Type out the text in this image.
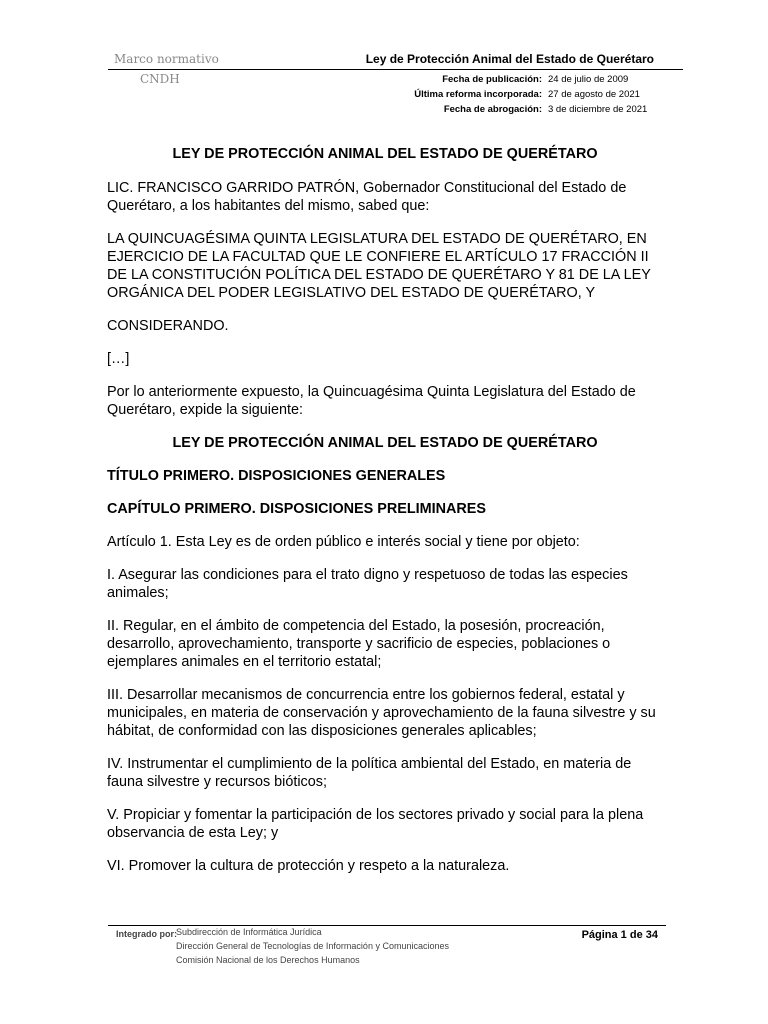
Marco normativo
CNDH
Ley de Protección Animal del Estado de Querétaro
Fecha de publicación: 24 de julio de 2009
Última reforma incorporada: 27 de agosto de 2021
Fecha de abrogación: 3 de diciembre de 2021

LEY DE PROTECCIÓN ANIMAL DEL ESTADO DE QUERÉTARO

LIC. FRANCISCO GARRIDO PATRÓN, Gobernador Constitucional del Estado de Querétaro, a los habitantes del mismo, sabed que:

LA QUINCUAGÉSIMA QUINTA LEGISLATURA DEL ESTADO DE QUERÉTARO, EN EJERCICIO DE LA FACULTAD QUE LE CONFIERE EL ARTÍCULO 17 FRACCIÓN II DE LA CONSTITUCIÓN POLÍTICA DEL ESTADO DE QUERÉTARO Y 81 DE LA LEY ORGÁNICA DEL PODER LEGISLATIVO DEL ESTADO DE QUERÉTARO, Y

CONSIDERANDO.

[…]

Por lo anteriormente expuesto, la Quincuagésima Quinta Legislatura del Estado de Querétaro, expide la siguiente:

LEY DE PROTECCIÓN ANIMAL DEL ESTADO DE QUERÉTARO

TÍTULO PRIMERO. DISPOSICIONES GENERALES

CAPÍTULO PRIMERO. DISPOSICIONES PRELIMINARES

Artículo 1. Esta Ley es de orden público e interés social y tiene por objeto:

I. Asegurar las condiciones para el trato digno y respetuoso de todas las especies animales;

II. Regular, en el ámbito de competencia del Estado, la posesión, procreación, desarrollo, aprovechamiento, transporte y sacrificio de especies, poblaciones o ejemplares animales en el territorio estatal;

III. Desarrollar mecanismos de concurrencia entre los gobiernos federal, estatal y municipales, en materia de conservación y aprovechamiento de la fauna silvestre y su hábitat, de conformidad con las disposiciones generales aplicables;

IV. Instrumentar el cumplimiento de la política ambiental del Estado, en materia de fauna silvestre y recursos bióticos;

V. Propiciar y fomentar la participación de los sectores privado y social para la plena observancia de esta Ley; y

VI. Promover la cultura de protección y respeto a la naturaleza.

Integrado por: Subdirección de Informática Jurídica
Dirección General de Tecnologías de Información y Comunicaciones
Comisión Nacional de los Derechos Humanos
Página 1 de 34
